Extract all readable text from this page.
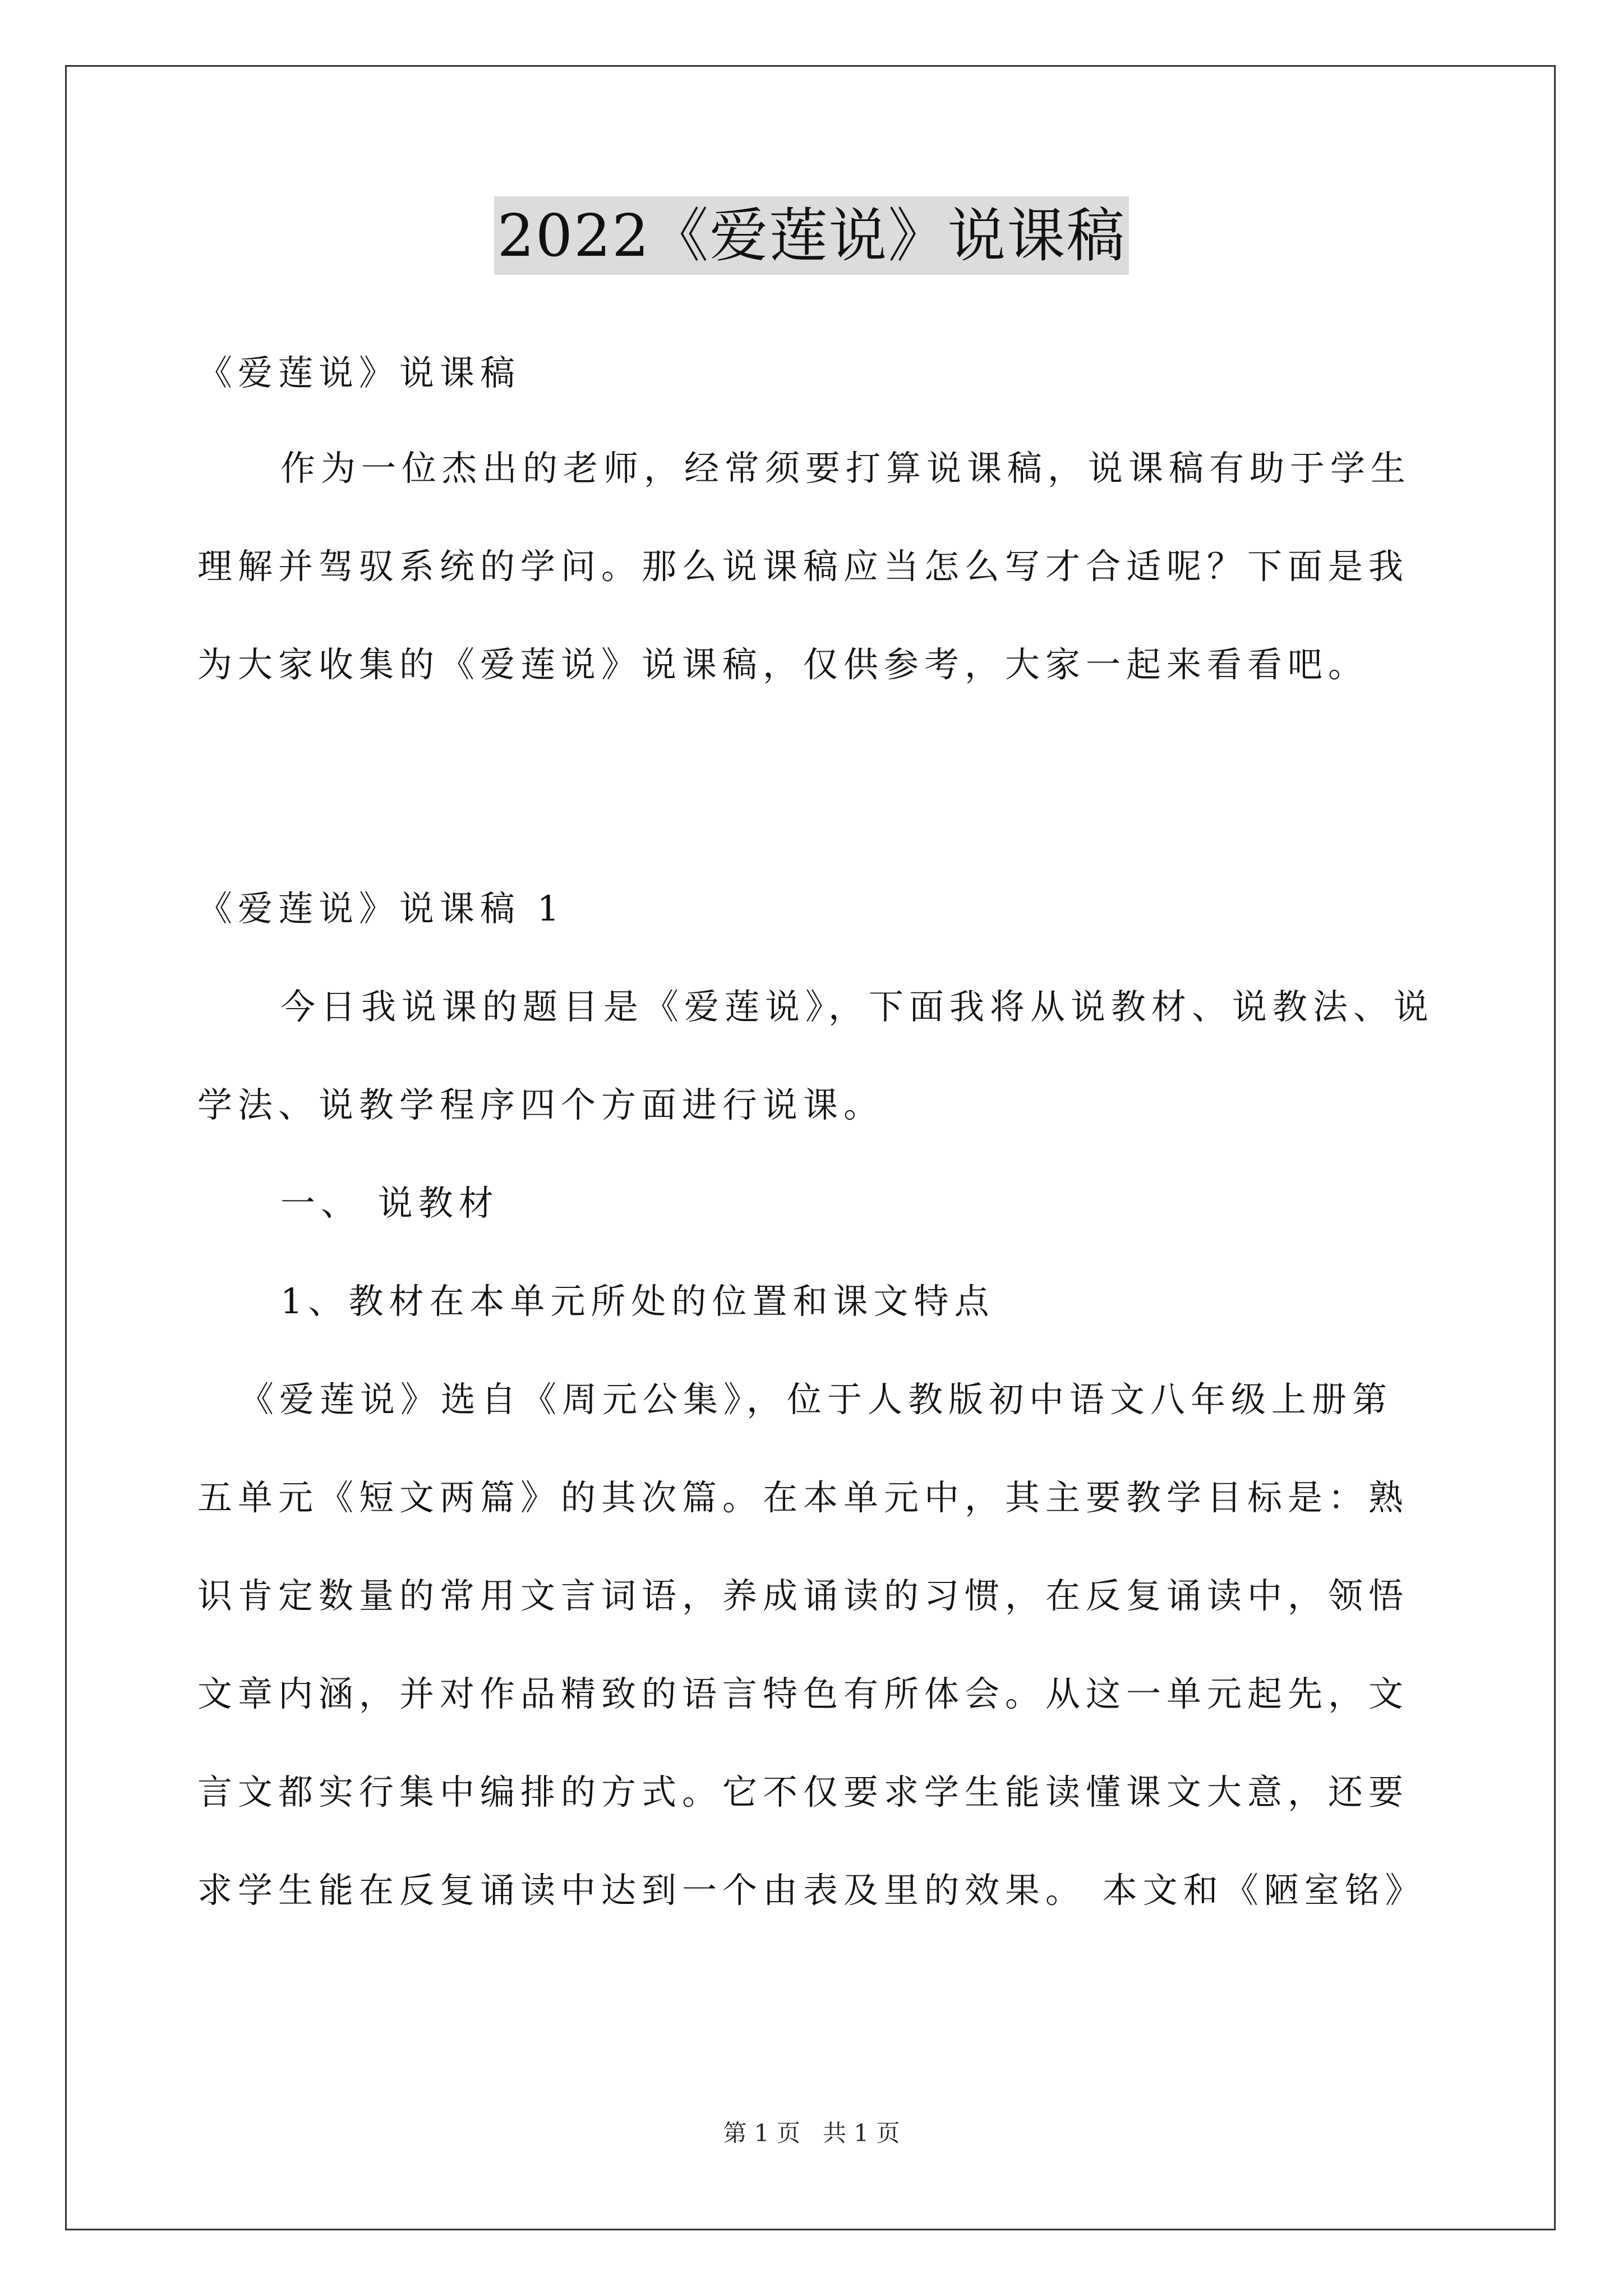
2022《爱莲说》说课稿
《爱莲说》说课稿
作为一位杰出的老师，经常须要打算说课稿，说课稿有助于学生
理解并驾驭系统的学问。那么说课稿应当怎么写才合适呢？下面是我
为大家收集的《爱莲说》说课稿，仅供参考，大家一起来看看吧。
《爱莲说》说课稿 1
今日我说课的题目是《爱莲说》，下面我将从说教材、说教法、说
学法、说教学程序四个方面进行说课。
一、 说教材
1、教材在本单元所处的位置和课文特点
《爱莲说》选自《周元公集》，位于人教版初中语文八年级上册第
五单元《短文两篇》的其次篇。在本单元中，其主要教学目标是：熟
识肯定数量的常用文言词语，养成诵读的习惯，在反复诵读中，领悟
文章内涵，并对作品精致的语言特色有所体会。从这一单元起先，文
言文都实行集中编排的方式。它不仅要求学生能读懂课文大意，还要
求学生能在反复诵读中达到一个由表及里的效果。 本文和《陋室铭》
第 1 页   共 1 页
